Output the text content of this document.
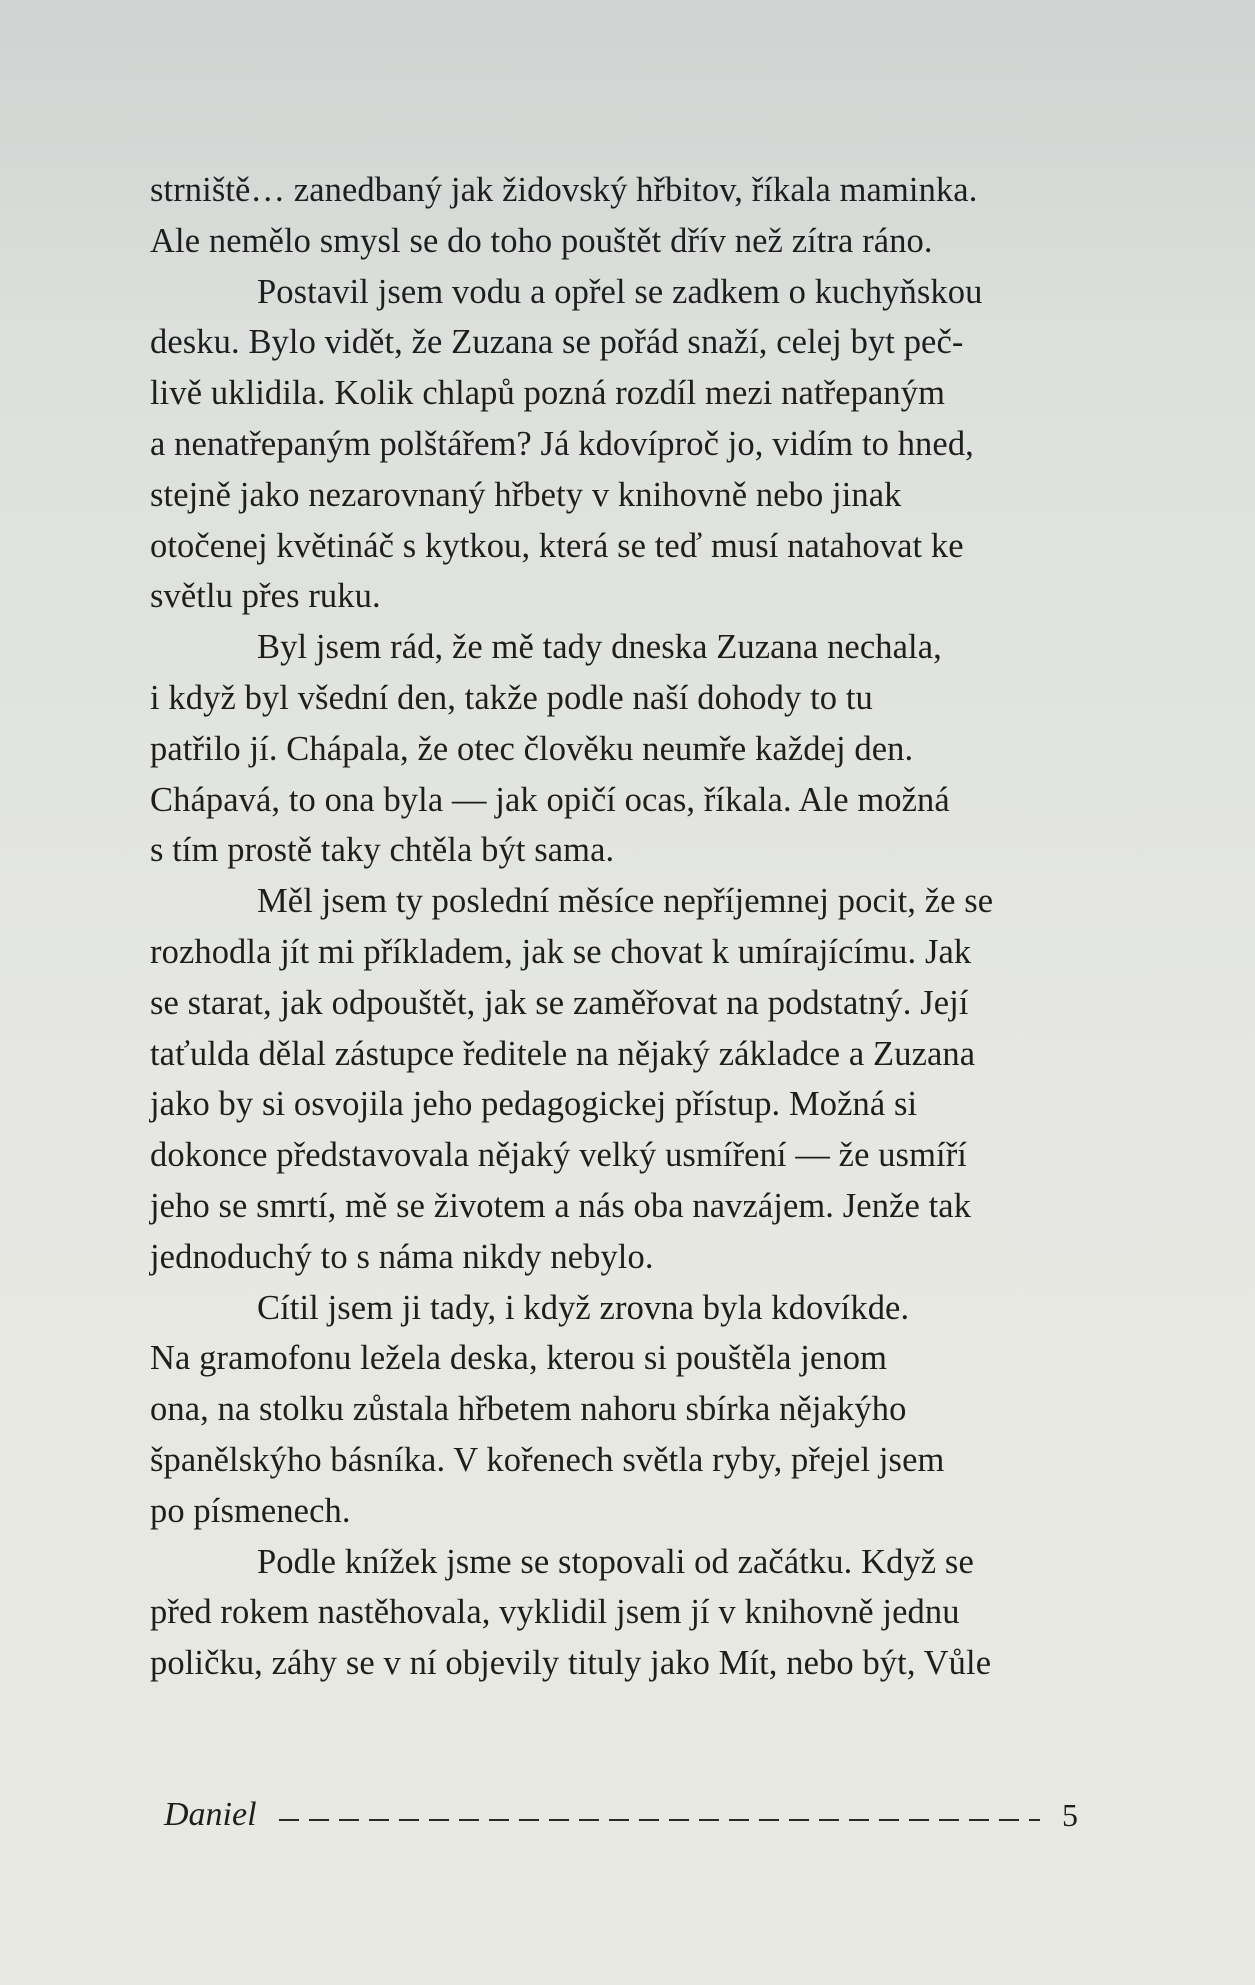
strniště… zanedbaný jak židovský hřbitov, říkala maminka.
Ale nemělo smysl se do toho pouštět dřív než zítra ráno.
Postavil jsem vodu a opřel se zadkem o kuchyňskou
desku. Bylo vidět, že Zuzana se pořád snaží, celej byt peč-
livě uklidila. Kolik chlapů pozná rozdíl mezi natřepaným
a nenatřepaným polštářem? Já kdovíproč jo, vidím to hned,
stejně jako nezarovnaný hřbety v knihovně nebo jinak
otočenej květináč s kytkou, která se teď musí natahovat ke
světlu přes ruku.
Byl jsem rád, že mě tady dneska Zuzana nechala,
i když byl všední den, takže podle naší dohody to tu
patřilo jí. Chápala, že otec člověku neumře každej den.
Chápavá, to ona byla — jak opičí ocas, říkala. Ale možná
s tím prostě taky chtěla být sama.
Měl jsem ty poslední měsíce nepříjemnej pocit, že se
rozhodla jít mi příkladem, jak se chovat k umírajícímu. Jak
se starat, jak odpouštět, jak se zaměřovat na podstatný. Její
taťulda dělal zástupce ředitele na nějaký základce a Zuzana
jako by si osvojila jeho pedagogickej přístup. Možná si
dokonce představovala nějaký velký usmíření — že usmíří
jeho se smrtí, mě se životem a nás oba navzájem. Jenže tak
jednoduchý to s náma nikdy nebylo.
Cítil jsem ji tady, i když zrovna byla kdovíkde.
Na gramofonu ležela deska, kterou si pouštěla jenom
ona, na stolku zůstala hřbetem nahoru sbírka nějakýho
španělskýho básníka. V kořenech světla ryby, přejel jsem
po písmenech.
Podle knížek jsme se stopovali od začátku. Když se
před rokem nastěhovala, vyklidil jsem jí v knihovně jednu
poličku, záhy se v ní objevily tituly jako Mít, nebo být, Vůle
Daniel	5
